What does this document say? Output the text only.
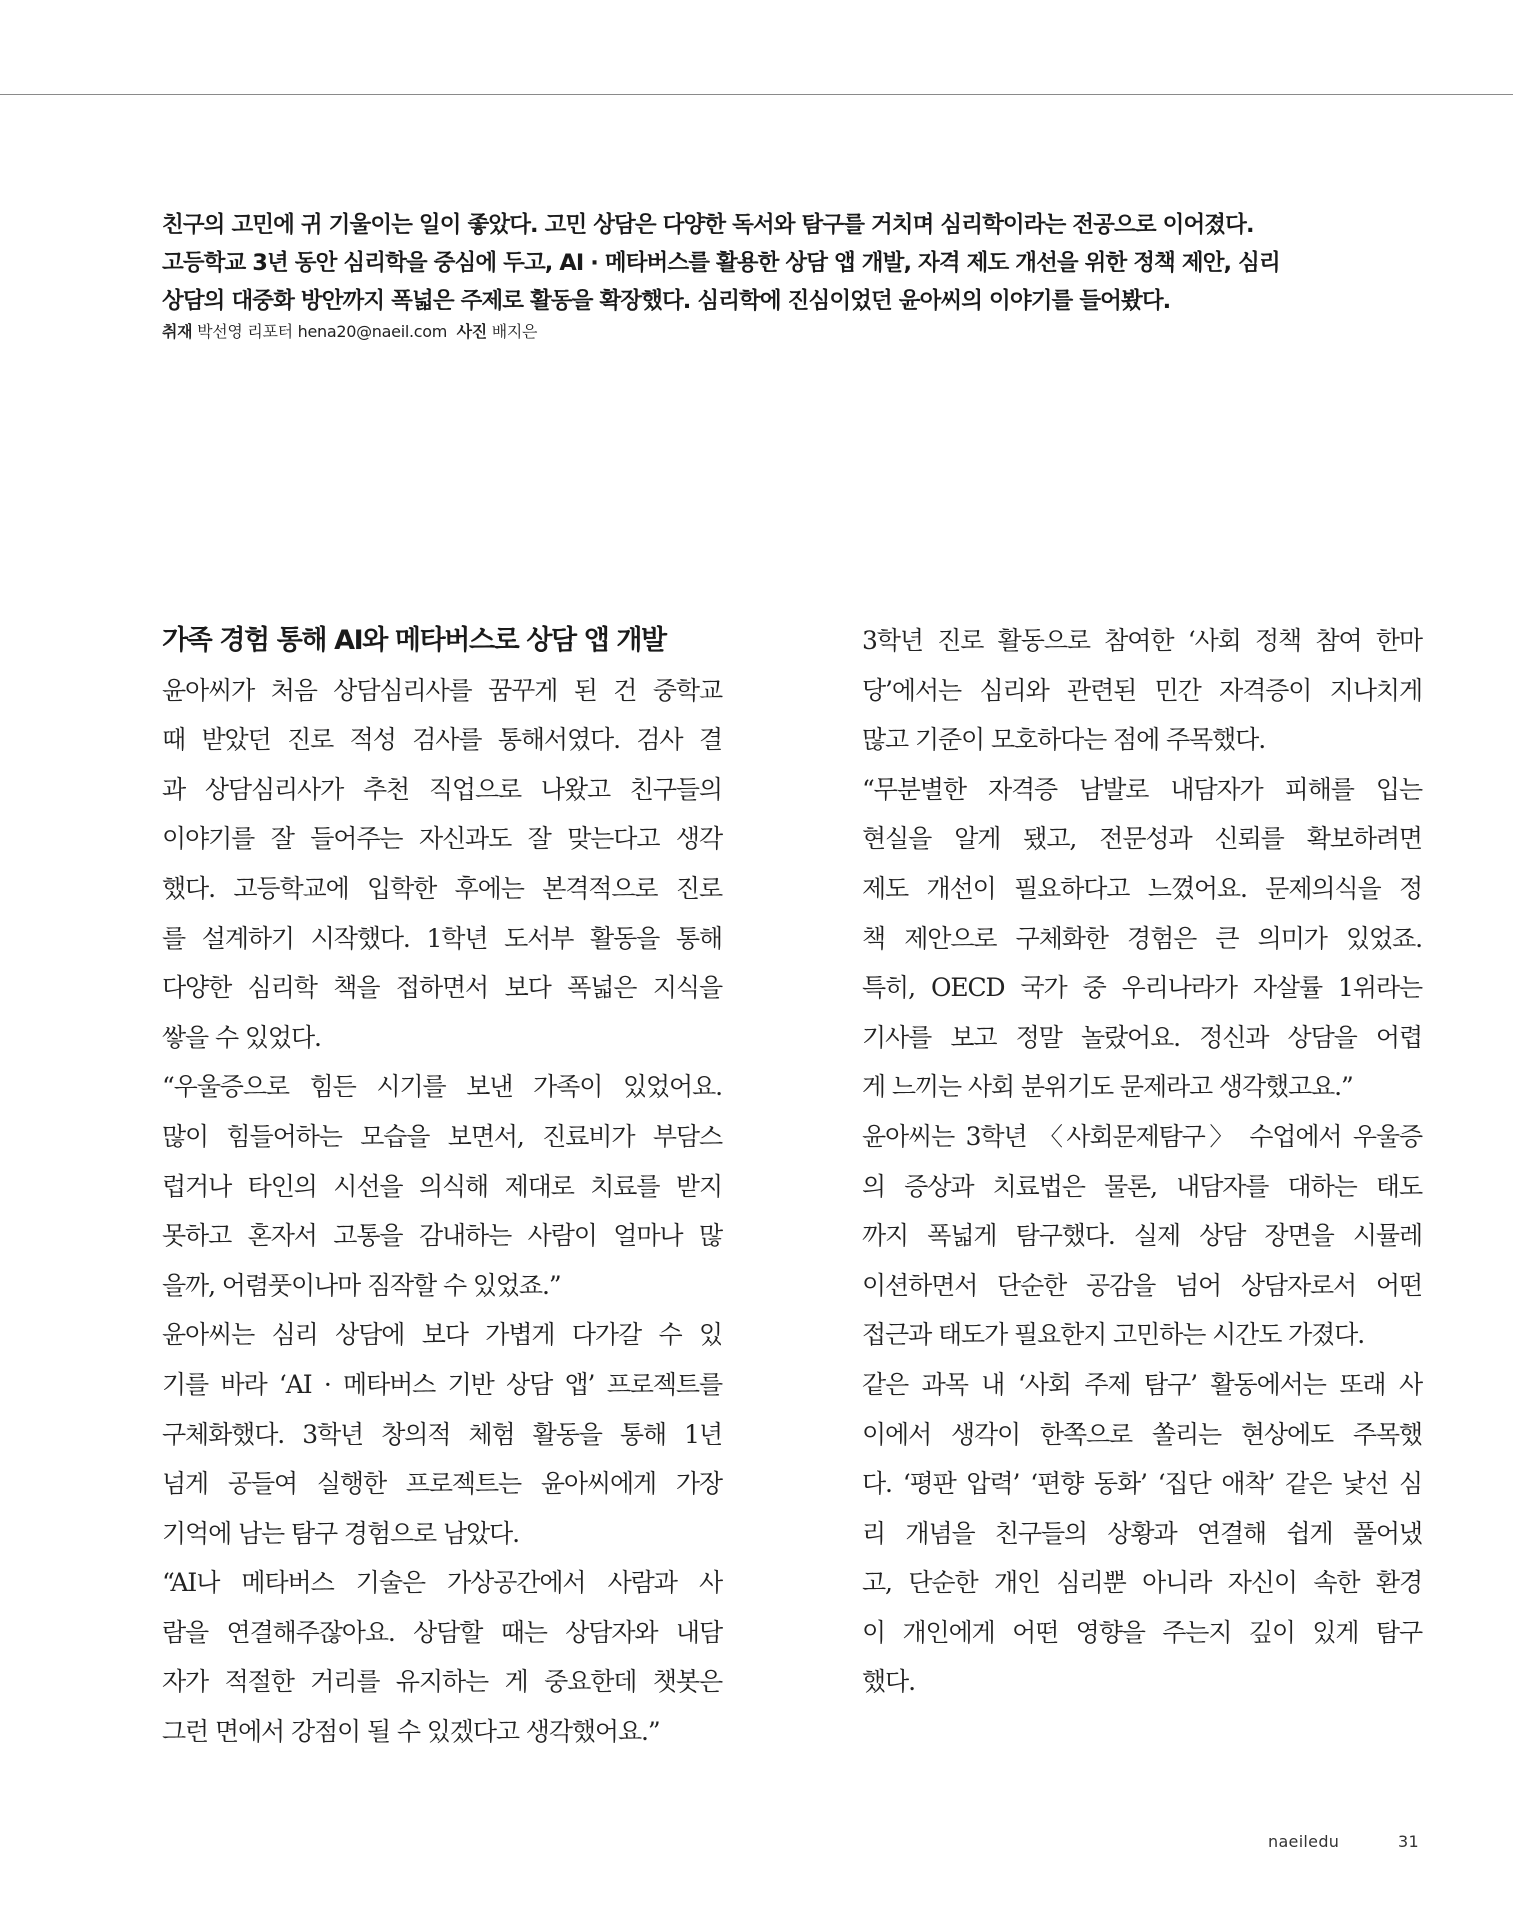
친구의 고민에 귀 기울이는 일이 좋았다. 고민 상담은 다양한 독서와 탐구를 거치며 심리학이라는 전공으로 이어졌다.
고등학교 3년 동안 심리학을 중심에 두고, AI · 메타버스를 활용한 상담 앱 개발, 자격 제도 개선을 위한 정책 제안, 심리
상담의 대중화 방안까지 폭넓은 주제로 활동을 확장했다. 심리학에 진심이었던 윤아씨의 이야기를 들어봤다.
취재 박선영 리포터 hena20@naeil.com 사진 배지은
가족 경험 통해 AI와 메타버스로 상담 앱 개발
윤아씨가 처음 상담심리사를 꿈꾸게 된 건 중학교
때 받았던 진로 적성 검사를 통해서였다. 검사 결
과 상담심리사가 추천 직업으로 나왔고 친구들의
이야기를 잘 들어주는 자신과도 잘 맞는다고 생각
했다. 고등학교에 입학한 후에는 본격적으로 진로
를 설계하기 시작했다. 1학년 도서부 활동을 통해
다양한 심리학 책을 접하면서 보다 폭넓은 지식을
쌓을 수 있었다.
“우울증으로 힘든 시기를 보낸 가족이 있었어요.
많이 힘들어하는 모습을 보면서, 진료비가 부담스
럽거나 타인의 시선을 의식해 제대로 치료를 받지
못하고 혼자서 고통을 감내하는 사람이 얼마나 많
을까, 어렴풋이나마 짐작할 수 있었죠.”
윤아씨는 심리 상담에 보다 가볍게 다가갈 수 있
기를 바라 ‘AI · 메타버스 기반 상담 앱’ 프로젝트를
구체화했다. 3학년 창의적 체험 활동을 통해 1년
넘게 공들여 실행한 프로젝트는 윤아씨에게 가장
기억에 남는 탐구 경험으로 남았다.
“AI나 메타버스 기술은 가상공간에서 사람과 사
람을 연결해주잖아요. 상담할 때는 상담자와 내담
자가 적절한 거리를 유지하는 게 중요한데 챗봇은
그런 면에서 강점이 될 수 있겠다고 생각했어요.”
3학년 진로 활동으로 참여한 ‘사회 정책 참여 한마
당’에서는 심리와 관련된 민간 자격증이 지나치게
많고 기준이 모호하다는 점에 주목했다.
“무분별한 자격증 남발로 내담자가 피해를 입는
현실을 알게 됐고, 전문성과 신뢰를 확보하려면
제도 개선이 필요하다고 느꼈어요. 문제의식을 정
책 제안으로 구체화한 경험은 큰 의미가 있었죠.
특히, OECD 국가 중 우리나라가 자살률 1위라는
기사를 보고 정말 놀랐어요. 정신과 상담을 어렵
게 느끼는 사회 분위기도 문제라고 생각했고요.”
윤아씨는 3학년 〈사회문제탐구〉 수업에서 우울증
의 증상과 치료법은 물론, 내담자를 대하는 태도
까지 폭넓게 탐구했다. 실제 상담 장면을 시뮬레
이션하면서 단순한 공감을 넘어 상담자로서 어떤
접근과 태도가 필요한지 고민하는 시간도 가졌다.
같은 과목 내 ‘사회 주제 탐구’ 활동에서는 또래 사
이에서 생각이 한쪽으로 쏠리는 현상에도 주목했
다. ‘평판 압력’ ‘편향 동화’ ‘집단 애착’ 같은 낯선 심
리 개념을 친구들의 상황과 연결해 쉽게 풀어냈
고, 단순한 개인 심리뿐 아니라 자신이 속한 환경
이 개인에게 어떤 영향을 주는지 깊이 있게 탐구
했다.
naeiledu	31
